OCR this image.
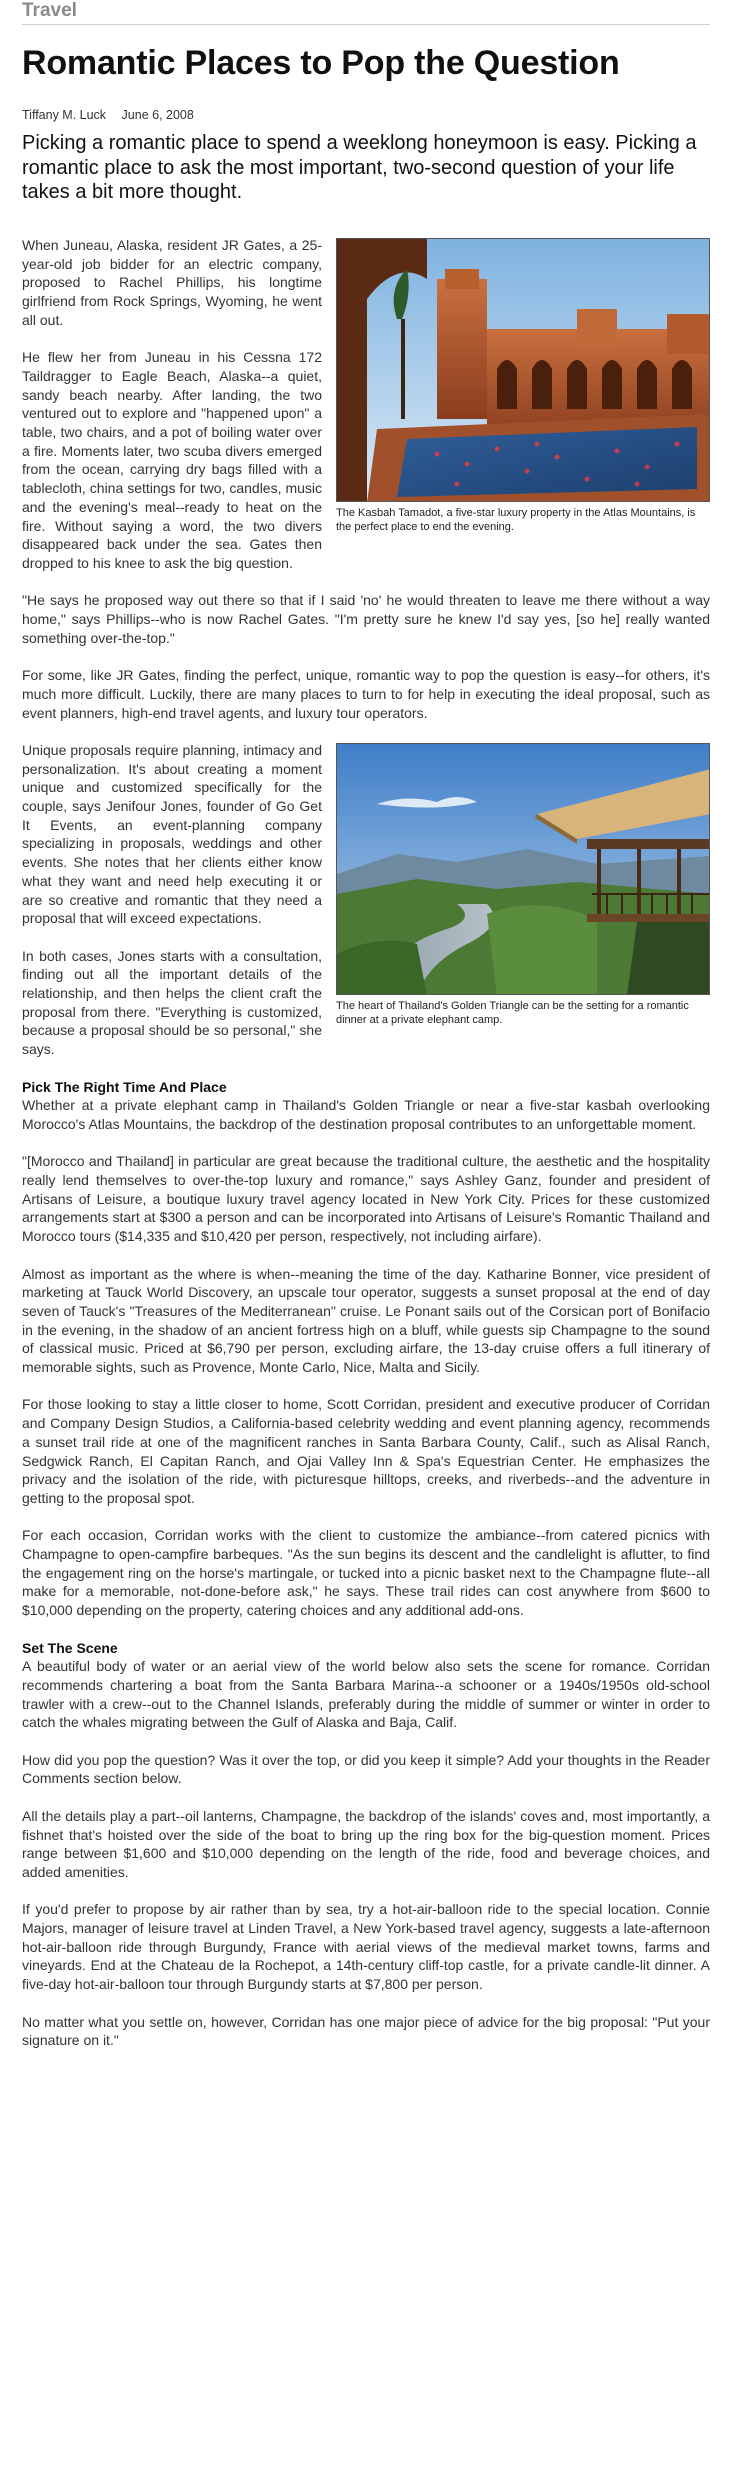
Travel
Romantic Places to Pop the Question
Tiffany M. Luck June 6, 2008
Picking a romantic place to spend a weeklong honeymoon is easy. Picking a romantic place to ask the most important, two-second question of your life takes a bit more thought.
The Kasbah Tamadot, a five-star luxury property in the Atlas Mountains, is the perfect place to end the evening.

When Juneau, Alaska, resident JR Gates, a 25-year-old job bidder for an electric company, proposed to Rachel Phillips, his longtime girlfriend from Rock Springs, Wyoming, he went all out.

He flew her from Juneau in his Cessna 172 Taildragger to Eagle Beach, Alaska--a quiet, sandy beach nearby. After landing, the two ventured out to explore and "happened upon" a table, two chairs, and a pot of boiling water over a fire. Moments later, two scuba divers emerged from the ocean, carrying dry bags filled with a tablecloth, china settings for two, candles, music and the evening's meal--ready to heat on the fire. Without saying a word, the two divers disappeared back under the sea. Gates then dropped to his knee to ask the big question.

"He says he proposed way out there so that if I said 'no' he would threaten to leave me there without a way home," says Phillips--who is now Rachel Gates. "I'm pretty sure he knew I'd say yes, [so he] really wanted something over-the-top."

For some, like JR Gates, finding the perfect, unique, romantic way to pop the question is easy--for others, it's much more difficult. Luckily, there are many places to turn to for help in executing the ideal proposal, such as event planners, high-end travel agents, and luxury tour operators.

The heart of Thailand's Golden Triangle can be the setting for a romantic dinner at a private elephant camp.

Unique proposals require planning, intimacy and personalization. It's about creating a moment unique and customized specifically for the couple, says Jenifour Jones, founder of Go Get It Events, an event-planning company specializing in proposals, weddings and other events. She notes that her clients either know what they want and need help executing it or are so creative and romantic that they need a proposal that will exceed expectations.

In both cases, Jones starts with a consultation, finding out all the important details of the relationship, and then helps the client craft the proposal from there. "Everything is customized, because a proposal should be so personal," she says.

Pick The Right Time And Place

Whether at a private elephant camp in Thailand's Golden Triangle or near a five-star kasbah overlooking Morocco's Atlas Mountains, the backdrop of the destination proposal contributes to an unforgettable moment.

"[Morocco and Thailand] in particular are great because the traditional culture, the aesthetic and the hospitality really lend themselves to over-the-top luxury and romance," says Ashley Ganz, founder and president of Artisans of Leisure, a boutique luxury travel agency located in New York City. Prices for these customized arrangements start at $300 a person and can be incorporated into Artisans of Leisure's Romantic Thailand and Morocco tours ($14,335 and $10,420 per person, respectively, not including airfare).

Almost as important as the where is when--meaning the time of the day. Katharine Bonner, vice president of marketing at Tauck World Discovery, an upscale tour operator, suggests a sunset proposal at the end of day seven of Tauck's "Treasures of the Mediterranean" cruise. Le Ponant sails out of the Corsican port of Bonifacio in the evening, in the shadow of an ancient fortress high on a bluff, while guests sip Champagne to the sound of classical music. Priced at $6,790 per person, excluding airfare, the 13-day cruise offers a full itinerary of memorable sights, such as Provence, Monte Carlo, Nice, Malta and Sicily.

For those looking to stay a little closer to home, Scott Corridan, president and executive producer of Corridan and Company Design Studios, a California-based celebrity wedding and event planning agency, recommends a sunset trail ride at one of the magnificent ranches in Santa Barbara County, Calif., such as Alisal Ranch, Sedgwick Ranch, El Capitan Ranch, and Ojai Valley Inn & Spa's Equestrian Center. He emphasizes the privacy and the isolation of the ride, with picturesque hilltops, creeks, and riverbeds--and the adventure in getting to the proposal spot.

For each occasion, Corridan works with the client to customize the ambiance--from catered picnics with Champagne to open-campfire barbeques. "As the sun begins its descent and the candlelight is aflutter, to find the engagement ring on the horse's martingale, or tucked into a picnic basket next to the Champagne flute--all make for a memorable, not-done-before ask," he says. These trail rides can cost anywhere from $600 to $10,000 depending on the property, catering choices and any additional add-ons.

Set The Scene

A beautiful body of water or an aerial view of the world below also sets the scene for romance. Corridan recommends chartering a boat from the Santa Barbara Marina--a schooner or a 1940s/1950s old-school trawler with a crew--out to the Channel Islands, preferably during the middle of summer or winter in order to catch the whales migrating between the Gulf of Alaska and Baja, Calif.

How did you pop the question? Was it over the top, or did you keep it simple? Add your thoughts in the Reader Comments section below.

All the details play a part--oil lanterns, Champagne, the backdrop of the islands' coves and, most importantly, a fishnet that's hoisted over the side of the boat to bring up the ring box for the big-question moment. Prices range between $1,600 and $10,000 depending on the length of the ride, food and beverage choices, and added amenities.

If you'd prefer to propose by air rather than by sea, try a hot-air-balloon ride to the special location. Connie Majors, manager of leisure travel at Linden Travel, a New York-based travel agency, suggests a late-afternoon hot-air-balloon ride through Burgundy, France with aerial views of the medieval market towns, farms and vineyards. End at the Chateau de la Rochepot, a 14th-century cliff-top castle, for a private candle-lit dinner. A five-day hot-air-balloon tour through Burgundy starts at $7,800 per person.

No matter what you settle on, however, Corridan has one major piece of advice for the big proposal: "Put your signature on it."
